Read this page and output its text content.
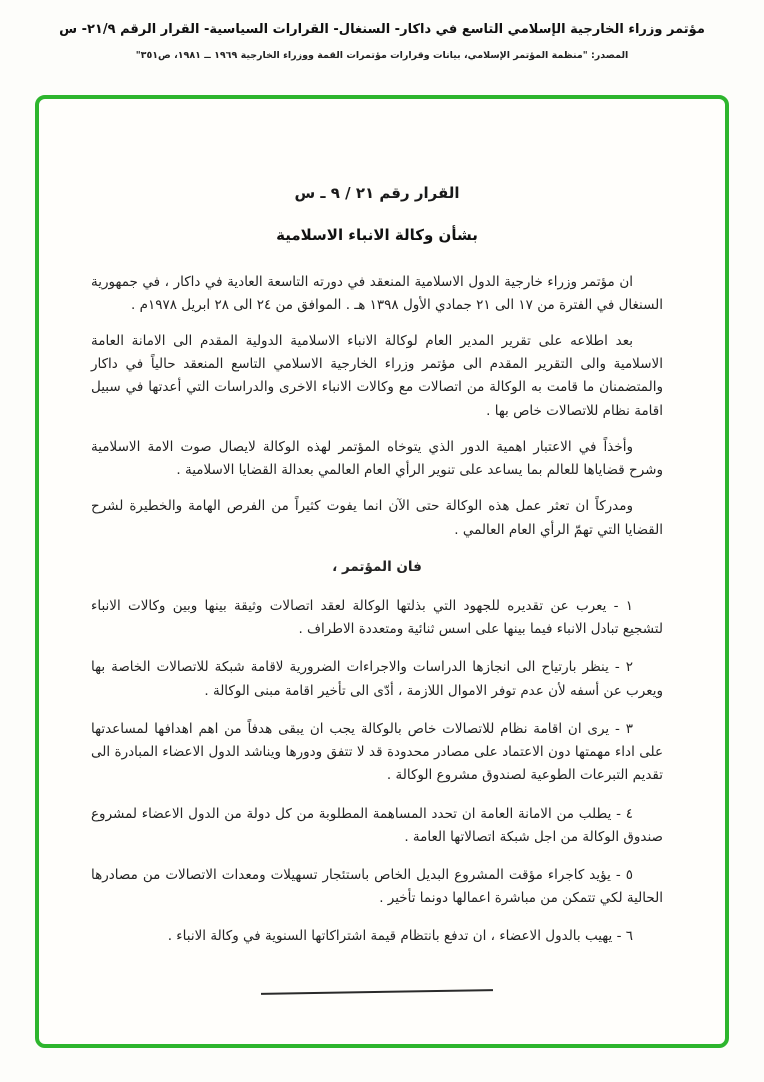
مؤتمر وزراء الخارجية الإسلامي التاسع في داكار- السنغال- القرارات السياسية- القرار الرقم ٢١/٩- س
المصدر: "منظمة المؤتمر الإسلامي، بيانات وقرارات مؤتمرات القمة ووزراء الخارجية ١٩٦٩ ــ ١٩٨١، ص٣٥١"
القرار رقم ٢١ / ٩ ـ س
بشأن وكالة الانباء الاسلامية

ان مؤتمر وزراء خارجية الدول الاسلامية المنعقد في دورته التاسعة العادية في داكار ، في جمهورية السنغال في الفترة من ١٧ الى ٢١ جمادي الأول ١٣٩٨ هـ . الموافق من ٢٤ الى ٢٨ ابريل ١٩٧٨م .

بعد اطلاعه على تقرير المدير العام لوكالة الانباء الاسلامية الدولية المقدم الى الامانة العامة الاسلامية والى التقرير المقدم الى مؤتمر وزراء الخارجية الاسلامي التاسع المنعقد حالياً في داكار والمتضمنان ما قامت به الوكالة من اتصالات مع وكالات الانباء الاخرى والدراسات التي أعدتها في سبيل اقامة نظام للاتصالات خاص بها .

وأخذاً في الاعتبار اهمية الدور الذي يتوخاه المؤتمر لهذه الوكالة لايصال صوت الامة الاسلامية وشرح قضاياها للعالم بما يساعد على تنوير الرأي العام العالمي بعدالة القضايا الاسلامية .

ومدركاً ان تعثر عمل هذه الوكالة حتى الآن انما يفوت كثيراً من الفرص الهامة والخطيرة لشرح القضايا التي تهمّ الرأي العام العالمي .

فان المؤتمر ،

١ - يعرب عن تقديره للجهود التي بذلتها الوكالة لعقد اتصالات وثيقة بينها وبين وكالات الانباء لتشجيع تبادل الانباء فيما بينها على اسس ثنائية ومتعددة الاطراف .

٢ - ينظر بارتياح الى انجازها الدراسات والاجراءات الضرورية لاقامة شبكة للاتصالات الخاصة بها ويعرب عن أسفه لأن عدم توفر الاموال اللازمة ، أدّى الى تأخير اقامة مبنى الوكالة .

٣ - يرى ان اقامة نظام للاتصالات خاص بالوكالة يجب ان يبقى هدفاً من اهم اهدافها لمساعدتها على اداء مهمتها دون الاعتماد على مصادر محدودة قد لا تتفق ودورها ويناشد الدول الاعضاء المبادرة الى تقديم التبرعات الطوعية لصندوق مشروع الوكالة .

٤ - يطلب من الامانة العامة ان تحدد المساهمة المطلوبة من كل دولة من الدول الاعضاء لمشروع صندوق الوكالة من اجل شبكة اتصالاتها العامة .

٥ - يؤيد كاجراء مؤقت المشروع البديل الخاص باستئجار تسهيلات ومعدات الاتصالات من مصادرها الحالية لكي تتمكن من مباشرة اعمالها دونما تأخير .

٦ - يهيب بالدول الاعضاء ، ان تدفع بانتظام قيمة اشتراكاتها السنوية في وكالة الانباء .
